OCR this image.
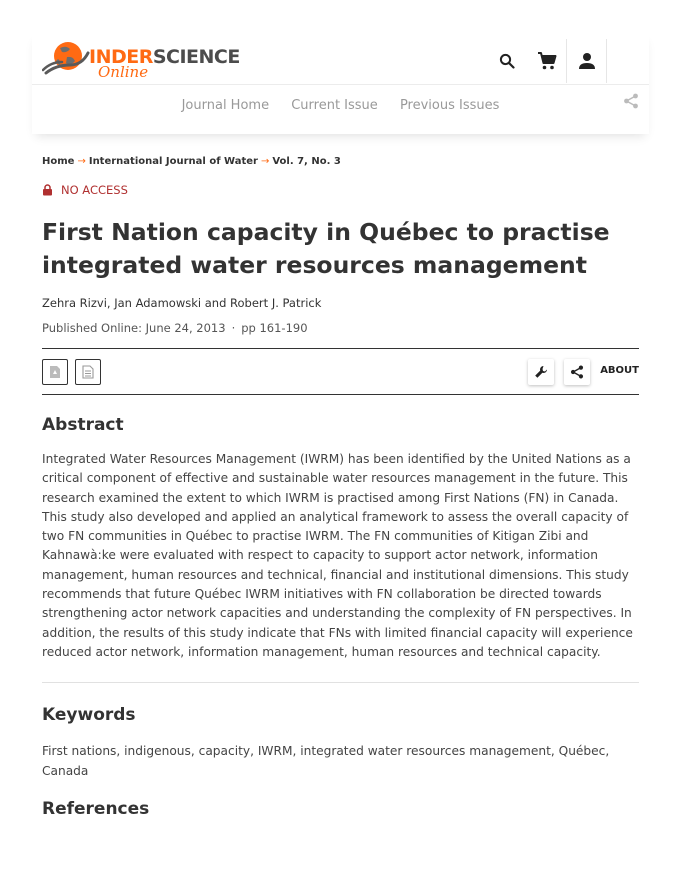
INDERSCIENCE
Online
Journal Home Current Issue Previous Issues
Home → International Journal of Water → Vol. 7, No. 3
NO ACCESS
First Nation capacity in Québec to practise integrated water resources management
Zehra Rizvi, Jan Adamowski and Robert J. Patrick
Published Online: June 24, 2013 · pp 161-190
ABOUT
Abstract

Integrated Water Resources Management (IWRM) has been identified by the United Nations as a critical component of effective and sustainable water resources management in the future. This research examined the extent to which IWRM is practised among First Nations (FN) in Canada. This study also developed and applied an analytical framework to assess the overall capacity of two FN communities in Québec to practise IWRM. The FN communities of Kitigan Zibi and Kahnawà:ke were evaluated with respect to capacity to support actor network, information management, human resources and technical, financial and institutional dimensions. This study recommends that future Québec IWRM initiatives with FN collaboration be directed towards strengthening actor network capacities and understanding the complexity of FN perspectives. In addition, the results of this study indicate that FNs with limited financial capacity will experience reduced actor network, information management, human resources and technical capacity.

Keywords

First nations, indigenous, capacity, IWRM, integrated water resources management, Québec, Canada

References
